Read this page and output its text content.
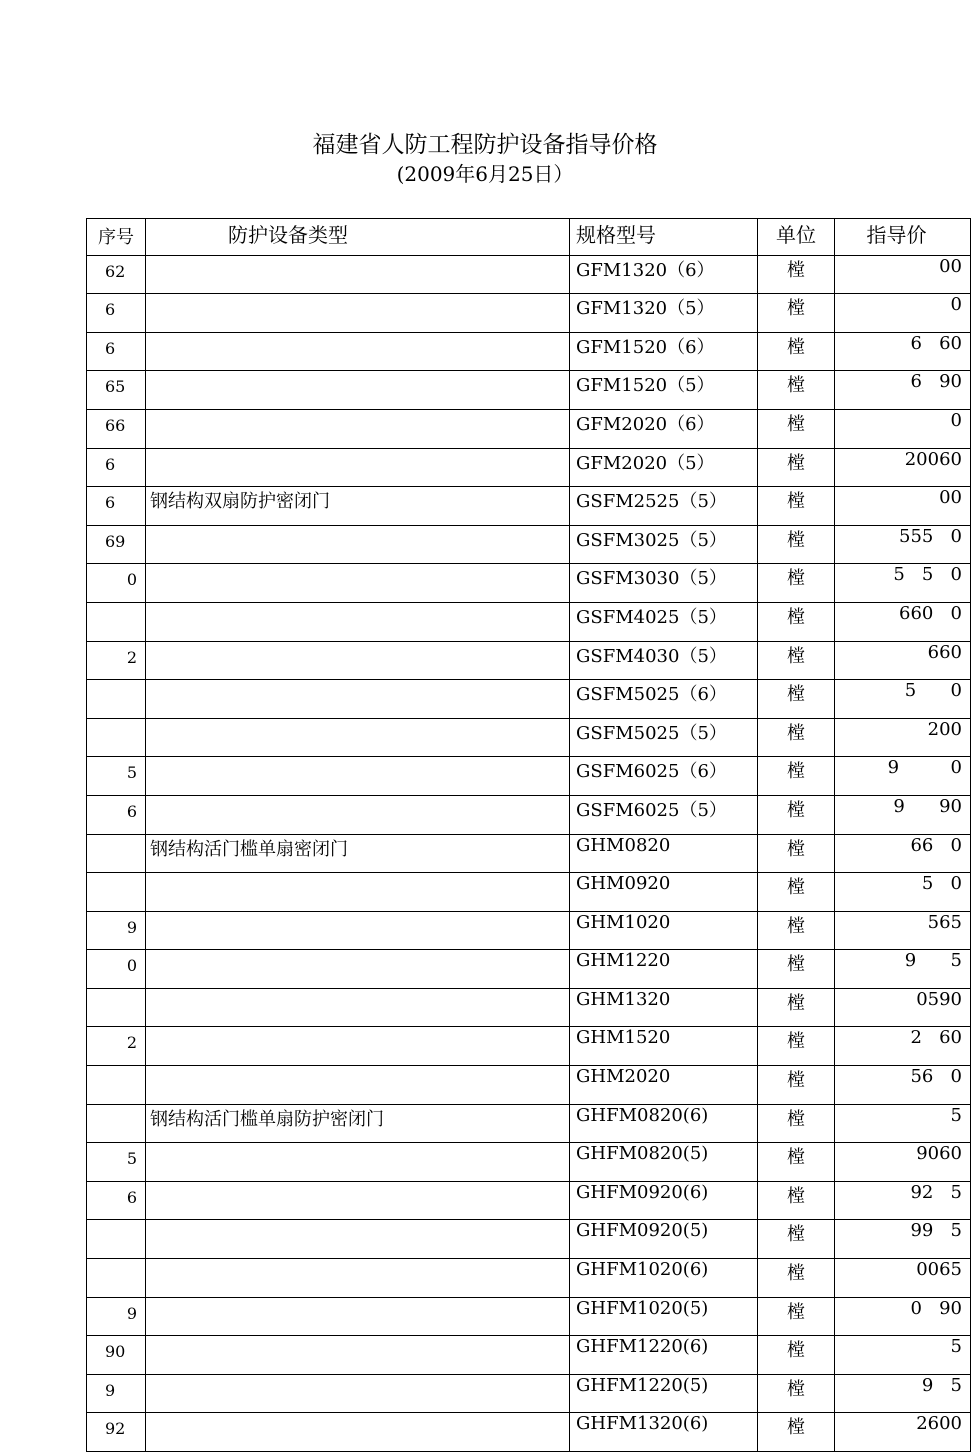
福建省人防工程防护设备指导价格
(2009年6月25日）
序号	防护设备类型	规格型号	单位	指导价
62		GFM1320（6）	樘	00
6		GFM1320（5）	樘	0
6		GFM1520（6）	樘	6   60
65		GFM1520（5）	樘	6   90
66		GFM2020（6）	樘	0
6		GFM2020（5）	樘	20060
6	钢结构双扇防护密闭门	GSFM2525（5）	樘	00
69		GSFM3025（5）	樘	555   0
0		GSFM3030（5）	樘	5   5   0
		GSFM4025（5）	樘	660   0
2		GSFM4030（5）	樘	660
		GSFM5025（6）	樘	5      0
		GSFM5025（5）	樘	200
5		GSFM6025（6）	樘	9         0
6		GSFM6025（5）	樘	9      90
	钢结构活门槛单扇密闭门	GHM0820	樘	66   0
		GHM0920	樘	5   0
9		GHM1020	樘	565
0		GHM1220	樘	9      5
		GHM1320	樘	0590
2		GHM1520	樘	2   60
		GHM2020	樘	56   0
	钢结构活门槛单扇防护密闭门	GHFM0820(6)	樘	5
5		GHFM0820(5)	樘	9060
6		GHFM0920(6)	樘	92   5
		GHFM0920(5)	樘	99   5
		GHFM1020(6)	樘	0065
9		GHFM1020(5)	樘	0   90
90		GHFM1220(6)	樘	5
9		GHFM1220(5)	樘	9   5
92		GHFM1320(6)	樘	2600
